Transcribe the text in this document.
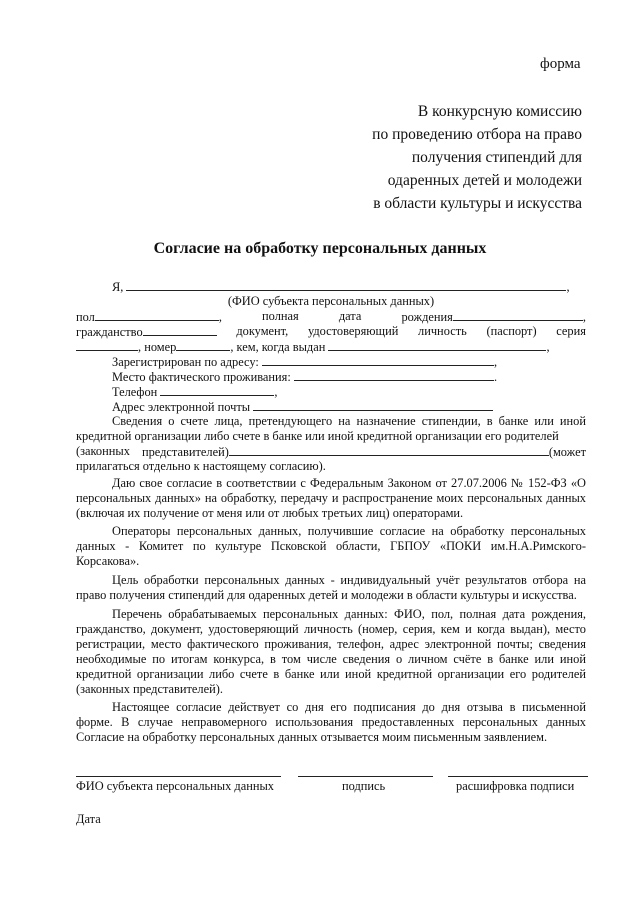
форма
В конкурсную комиссию
по проведению отбора на право
получения стипендий для
одаренных детей и молодежи
в области культуры и искусства
Согласие на обработку персональных данных
Я,	,
(ФИО субъекта персональных данных)
пол	,	полная	дата	рождения	,
гражданство	документ, удостоверяющий личность (паспорт) серия
, номер	, кем, когда выдан	,
Зарегистрирован по адресу:	,
Место фактического проживания:	.
Телефон	,
Адрес электронной почты

Сведения о счете лица, претендующего на назначение стипендии, в банке или иной кредитной организации либо счете в банке или иной кредитной организации его родителей

(законных представителей)	(может
прилагаться отдельно к настоящему согласию).

Даю свое согласие в соответствии с Федеральным Законом от 27.07.2006 № 152-ФЗ «О персональных данных» на обработку, передачу и распространение моих персональных данных (включая их получение от меня или от любых третьих лиц) операторами.

Операторы персональных данных, получившие согласие на обработку персональных данных - Комитет по культуре Псковской области, ГБПОУ «ПОКИ им.Н.А.Римского-Корсакова».

Цель обработки персональных данных - индивидуальный учёт результатов отбора на право получения стипендий для одаренных детей и молодежи в области культуры и искусства.

Перечень обрабатываемых персональных данных: ФИО, пол, полная дата рождения, гражданство, документ, удостоверяющий личность (номер, серия, кем и когда выдан), место регистрации, место фактического проживания, телефон, адрес электронной почты; сведения необходимые по итогам конкурса, в том числе сведения о личном счёте в банке или иной кредитной организации либо счете в банке или иной кредитной организации его родителей (законных представителей).

Настоящее согласие действует со дня его подписания до дня отзыва в письменной форме. В случае неправомерного использования предоставленных персональных данных Согласие на обработку персональных данных отзывается моим письменным заявлением.

ФИО субъекта персональных данных	подпись	расшифровка подписи
Дата
